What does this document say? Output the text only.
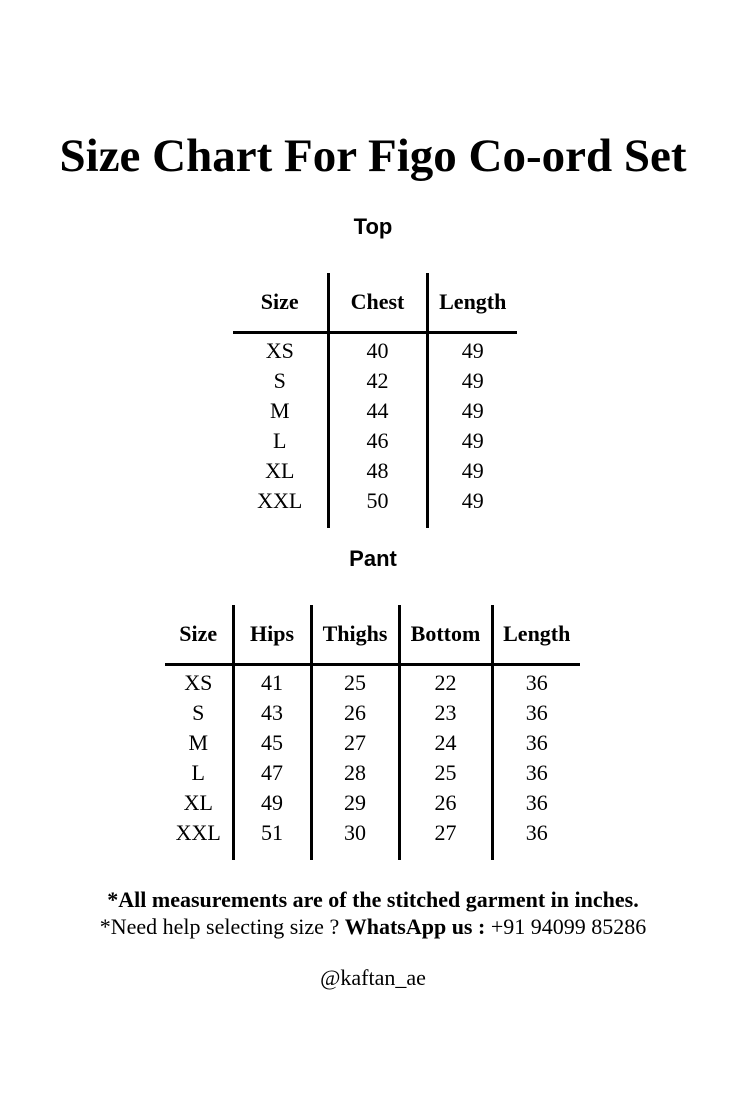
Size Chart For Figo Co-ord Set
Top
Size	Chest	Length
XS	40	49
S	42	49
M	44	49
L	46	49
XL	48	49
XXL	50	49
Pant
Size	Hips	Thighs	Bottom	Length
XS	41	25	22	36
S	43	26	23	36
M	45	27	24	36
L	47	28	25	36
XL	49	29	26	36
XXL	51	30	27	36
*All measurements are of the stitched garment in inches.
*Need help selecting size ? WhatsApp us : +91 94099 85286
@kaftan_ae
